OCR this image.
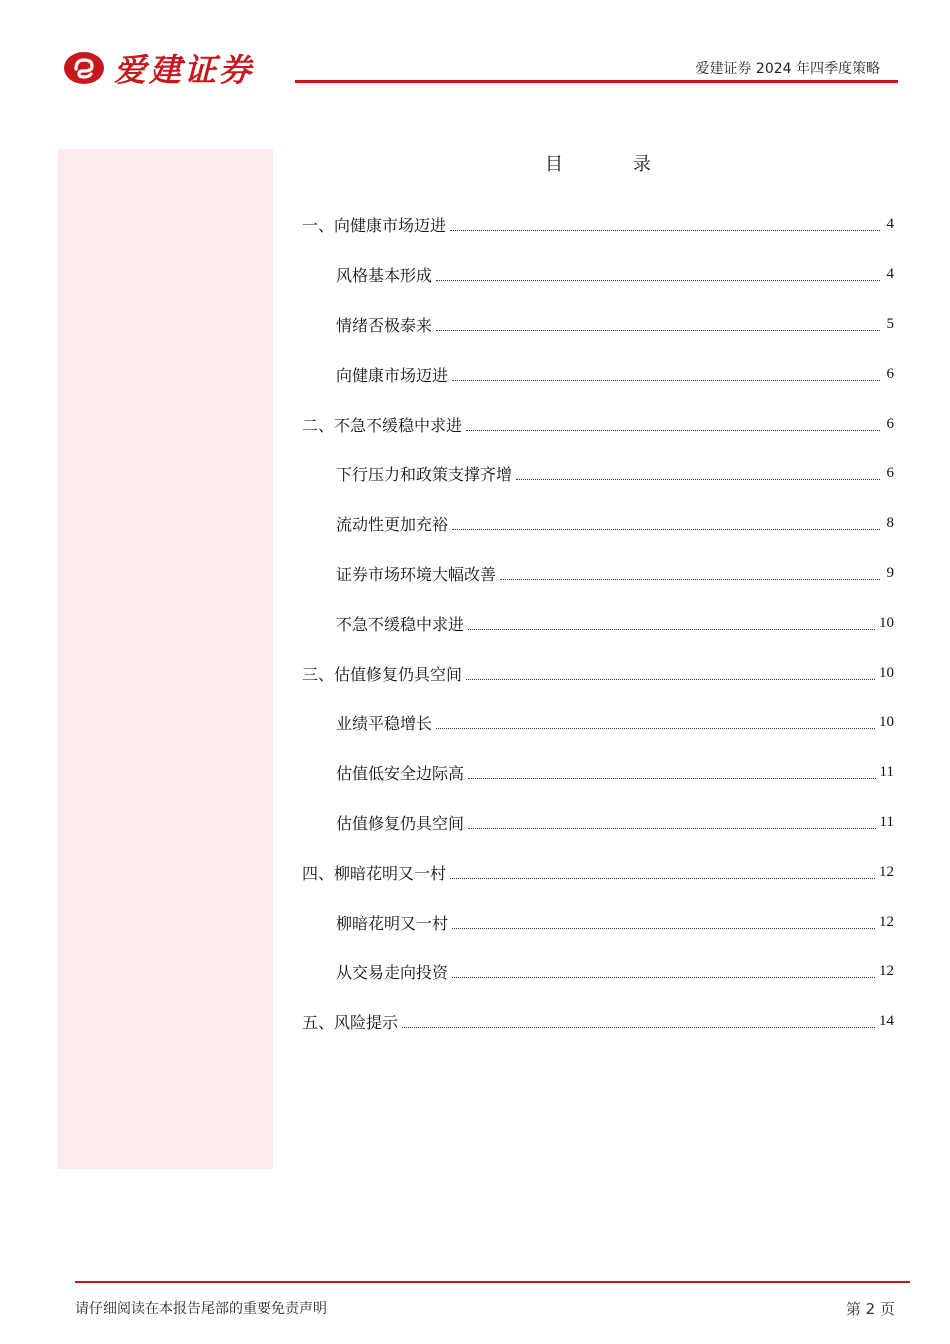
爱建证券	爱建证券 2024 年四季度策略
目	录
一、向健康市场迈进	4
风格基本形成	4
情绪否极泰来	5
向健康市场迈进	6
二、不急不缓稳中求进	6
下行压力和政策支撑齐增	6
流动性更加充裕	8
证券市场环境大幅改善	9
不急不缓稳中求进	10
三、估值修复仍具空间	10
业绩平稳增长	10
估值低安全边际高	11
估值修复仍具空间	11
四、柳暗花明又一村	12
柳暗花明又一村	12
从交易走向投资	12
五、风险提示	14
请仔细阅读在本报告尾部的重要免责声明	第 2 页
